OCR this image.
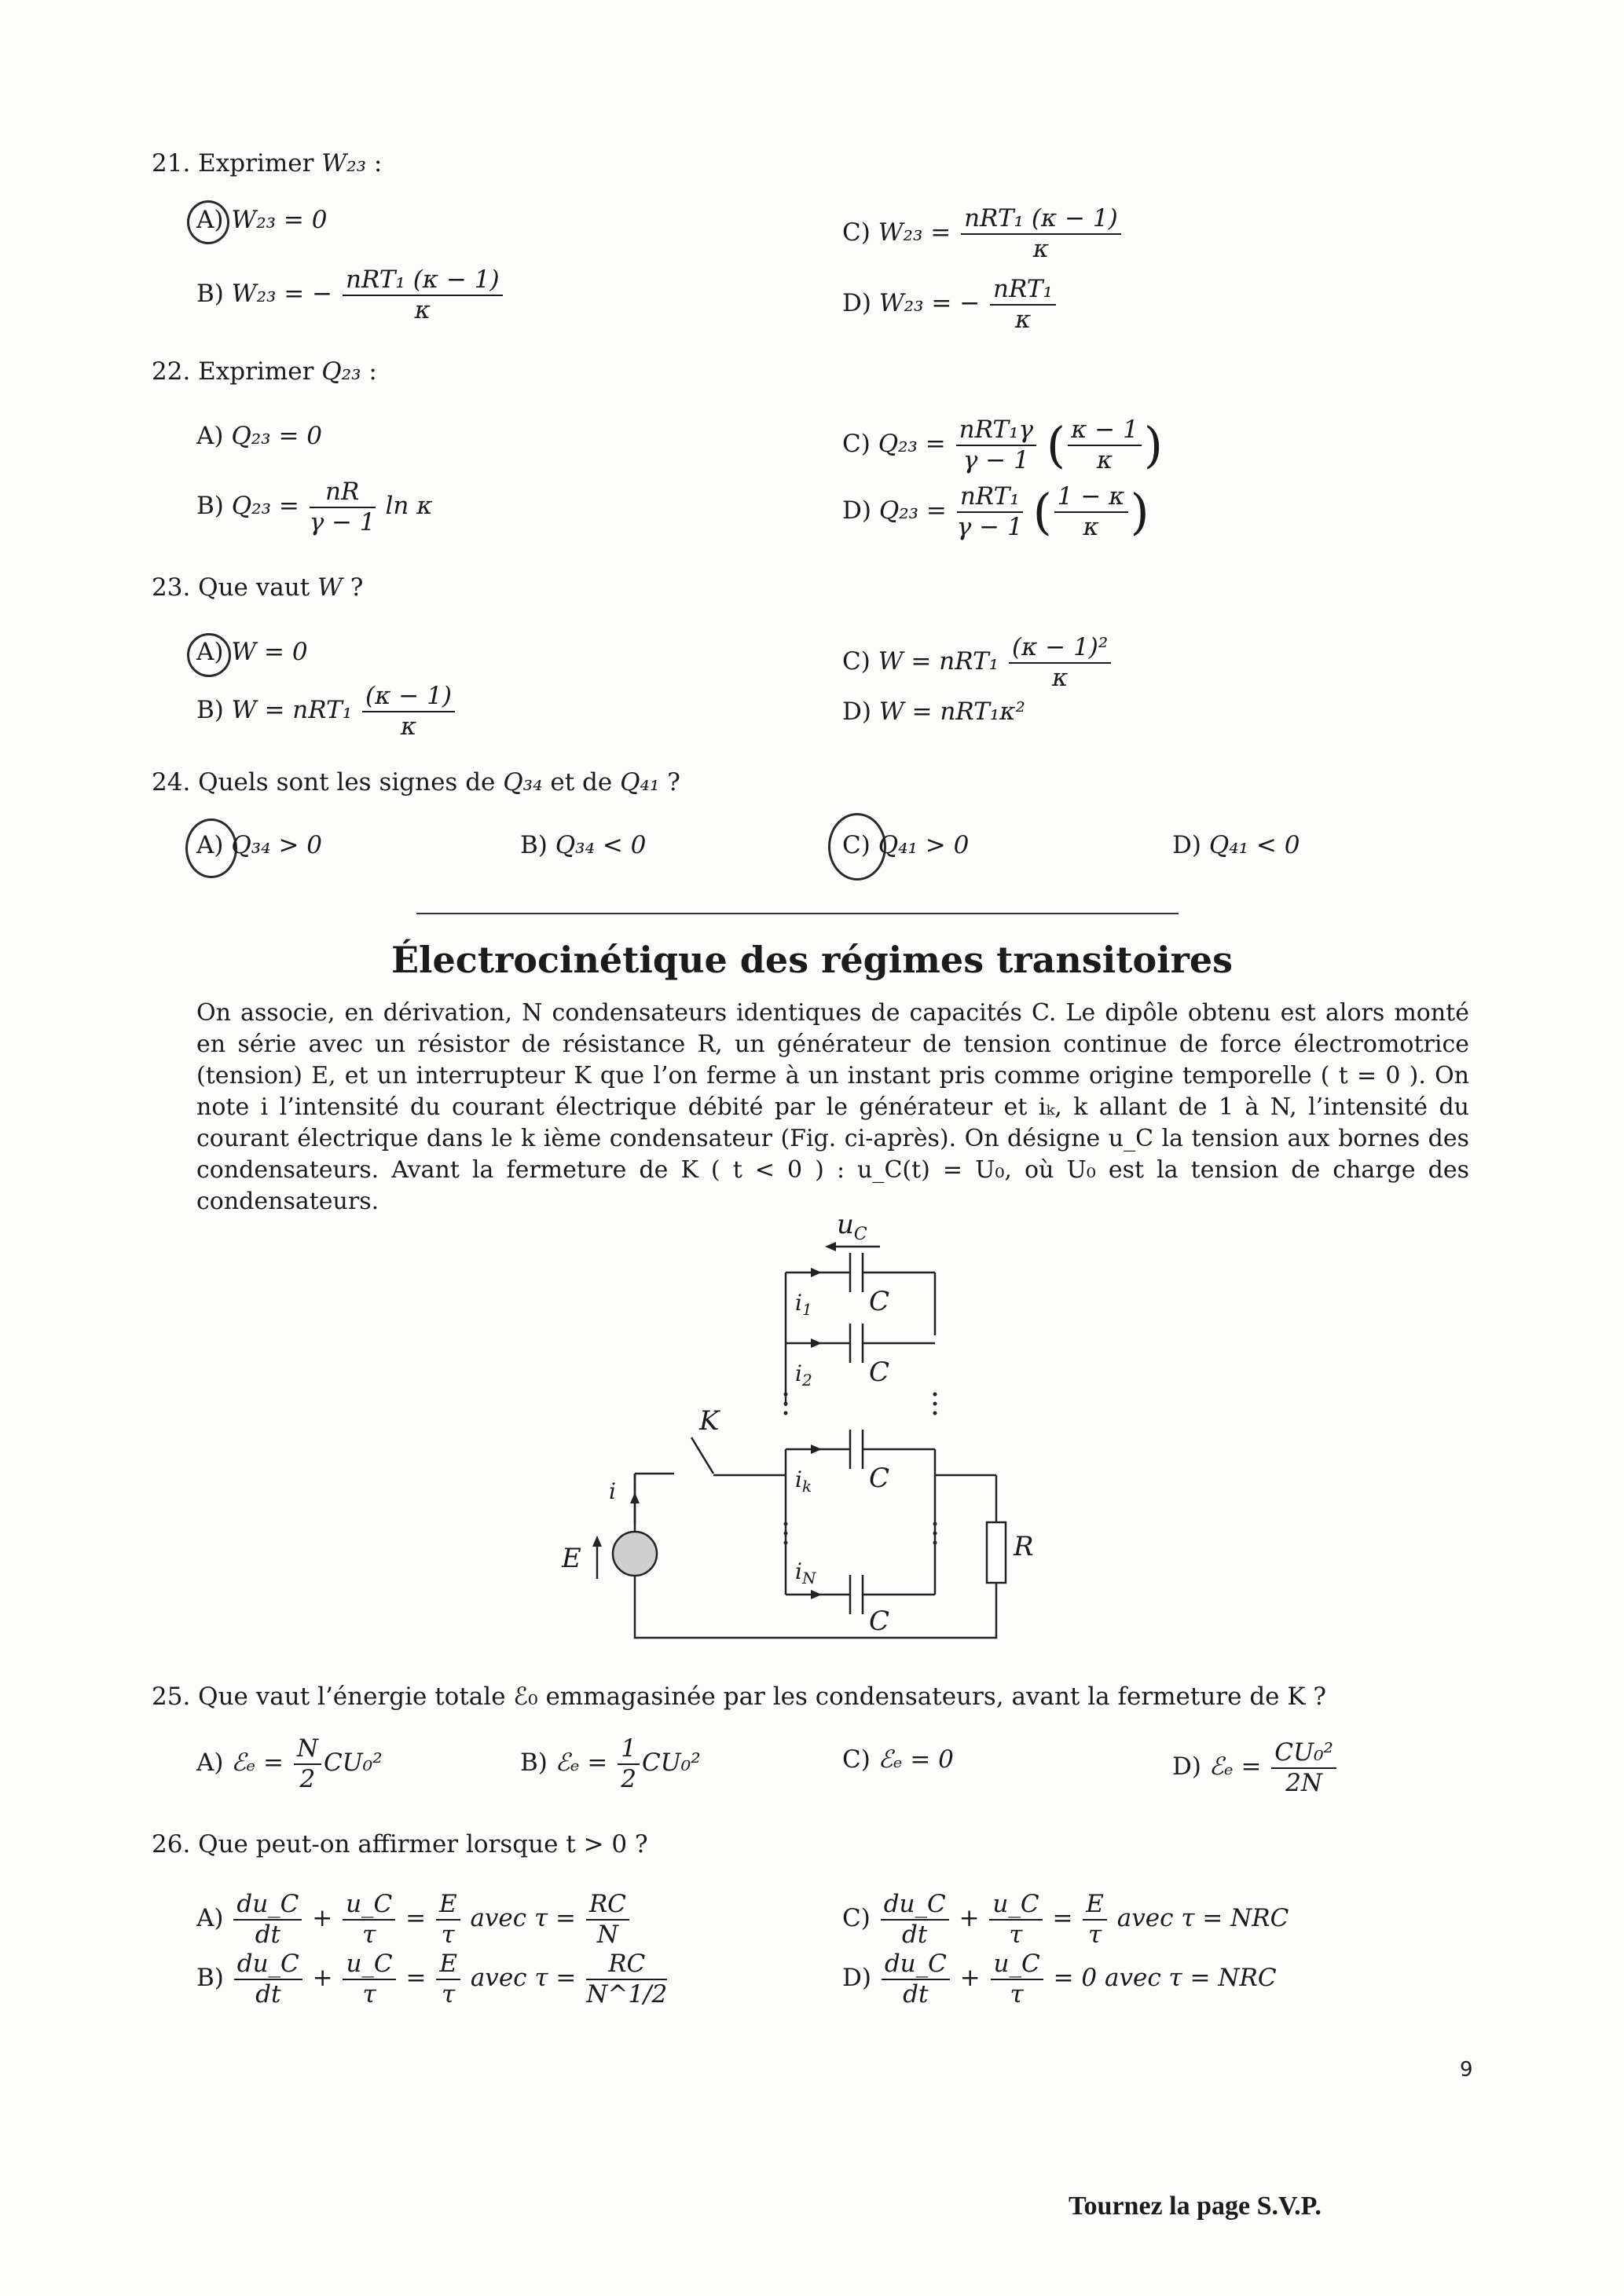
21. Exprimer W₂₃ :
A) W₂₃ = 0
B) W₂₃ = − $\frac{\text{nRT₁ (κ − 1)}}{\kappa}$
C) $W_{23} = \frac{\text{nRT₁ (κ − 1)}}{\kappa}$
D) W₂₃ = − $\frac{\text{nRT₁}}{\kappa}$
22. Exprimer Q₂₃ :
A) Q₂₃ = 0
B) $Q_{23} = \frac{nR}{\gamma - 1}$ ln κ
C) $Q_{23} = \frac{\text{nRT₁γ}}{\gamma - 1}$ ( $\frac{\kappa - 1}{\kappa}$ )
D) $Q_{23} = \frac{\text{nRT₁}}{\gamma - 1}$ ( $\frac{1 - \kappa}{\kappa}$ )
23. Que vaut W ?
A) W = 0
B) $W = nRT_1 \frac{(\kappa - 1)}{\kappa}$
C) $W = nRT_1 \frac{\text{(κ − 1)²}}{\kappa}$
D) W = nRT₁κ²
24. Quels sont les signes de Q₃₄ et de Q₄₁ ?
A) Q₃₄ > 0	B) Q₃₄ < 0	C) Q₄₁ > 0	D) Q₄₁ < 0
Électrocinétique des régimes transitoires
On associe, en dérivation, N condensateurs identiques de capacités C. Le dipôle obtenu est alors monté en série avec un résistor de résistance R, un générateur de tension continue de force électromotrice (tension) E, et un interrupteur K que l’on ferme à un instant pris comme origine temporelle ( t = 0 ). On note i l’intensité du courant électrique débité par le générateur et iₖ, k allant de 1 à N, l’intensité du courant électrique dans le k ième condensateur (Fig. ci-après). On désigne u_C la tension aux bornes des condensateurs. Avant la fermeture de K ( t < 0 ) : u_C(t) = U₀, où U₀ est la tension de charge des condensateurs.
$u_C$
$i_1$
$i_2$
$i_k$
$i_N$
C
C
C
C
K
E	R
i
25. Que vaut l’énergie totale ℰ₀ emmagasinée par les condensateurs, avant la fermeture de K ?
A) ℰₑ = $\frac{N}{2} CU_0^2$	B) ℰₑ = $\frac{1}{2} CU_0^2$	C) ℰₑ = 0	D) ℰₑ = $\frac{\text{CU₀²}}{2N}$
26. Que peut-on affirmer lorsque t > 0 ?
$A) \frac{du\_C}{dt} + \frac{u\_C}{\tau} = \frac{E}{\tau}$ avec $\tau = \frac{RC}{N}$
$B) \frac{du\_C}{dt} + \frac{u\_C}{\tau} = \frac{E}{\tau}$ avec $\tau = \frac{RC}{N\^{}1/2}$
$C) \frac{du\_C}{dt} + \frac{u\_C}{\tau} = \frac{E}{\tau}$ avec τ = NRC
$D) \frac{du\_C}{dt} + \frac{u\_C}{\tau} = 0$ avec τ = NRC
9
Tournez la page S.V.P.
